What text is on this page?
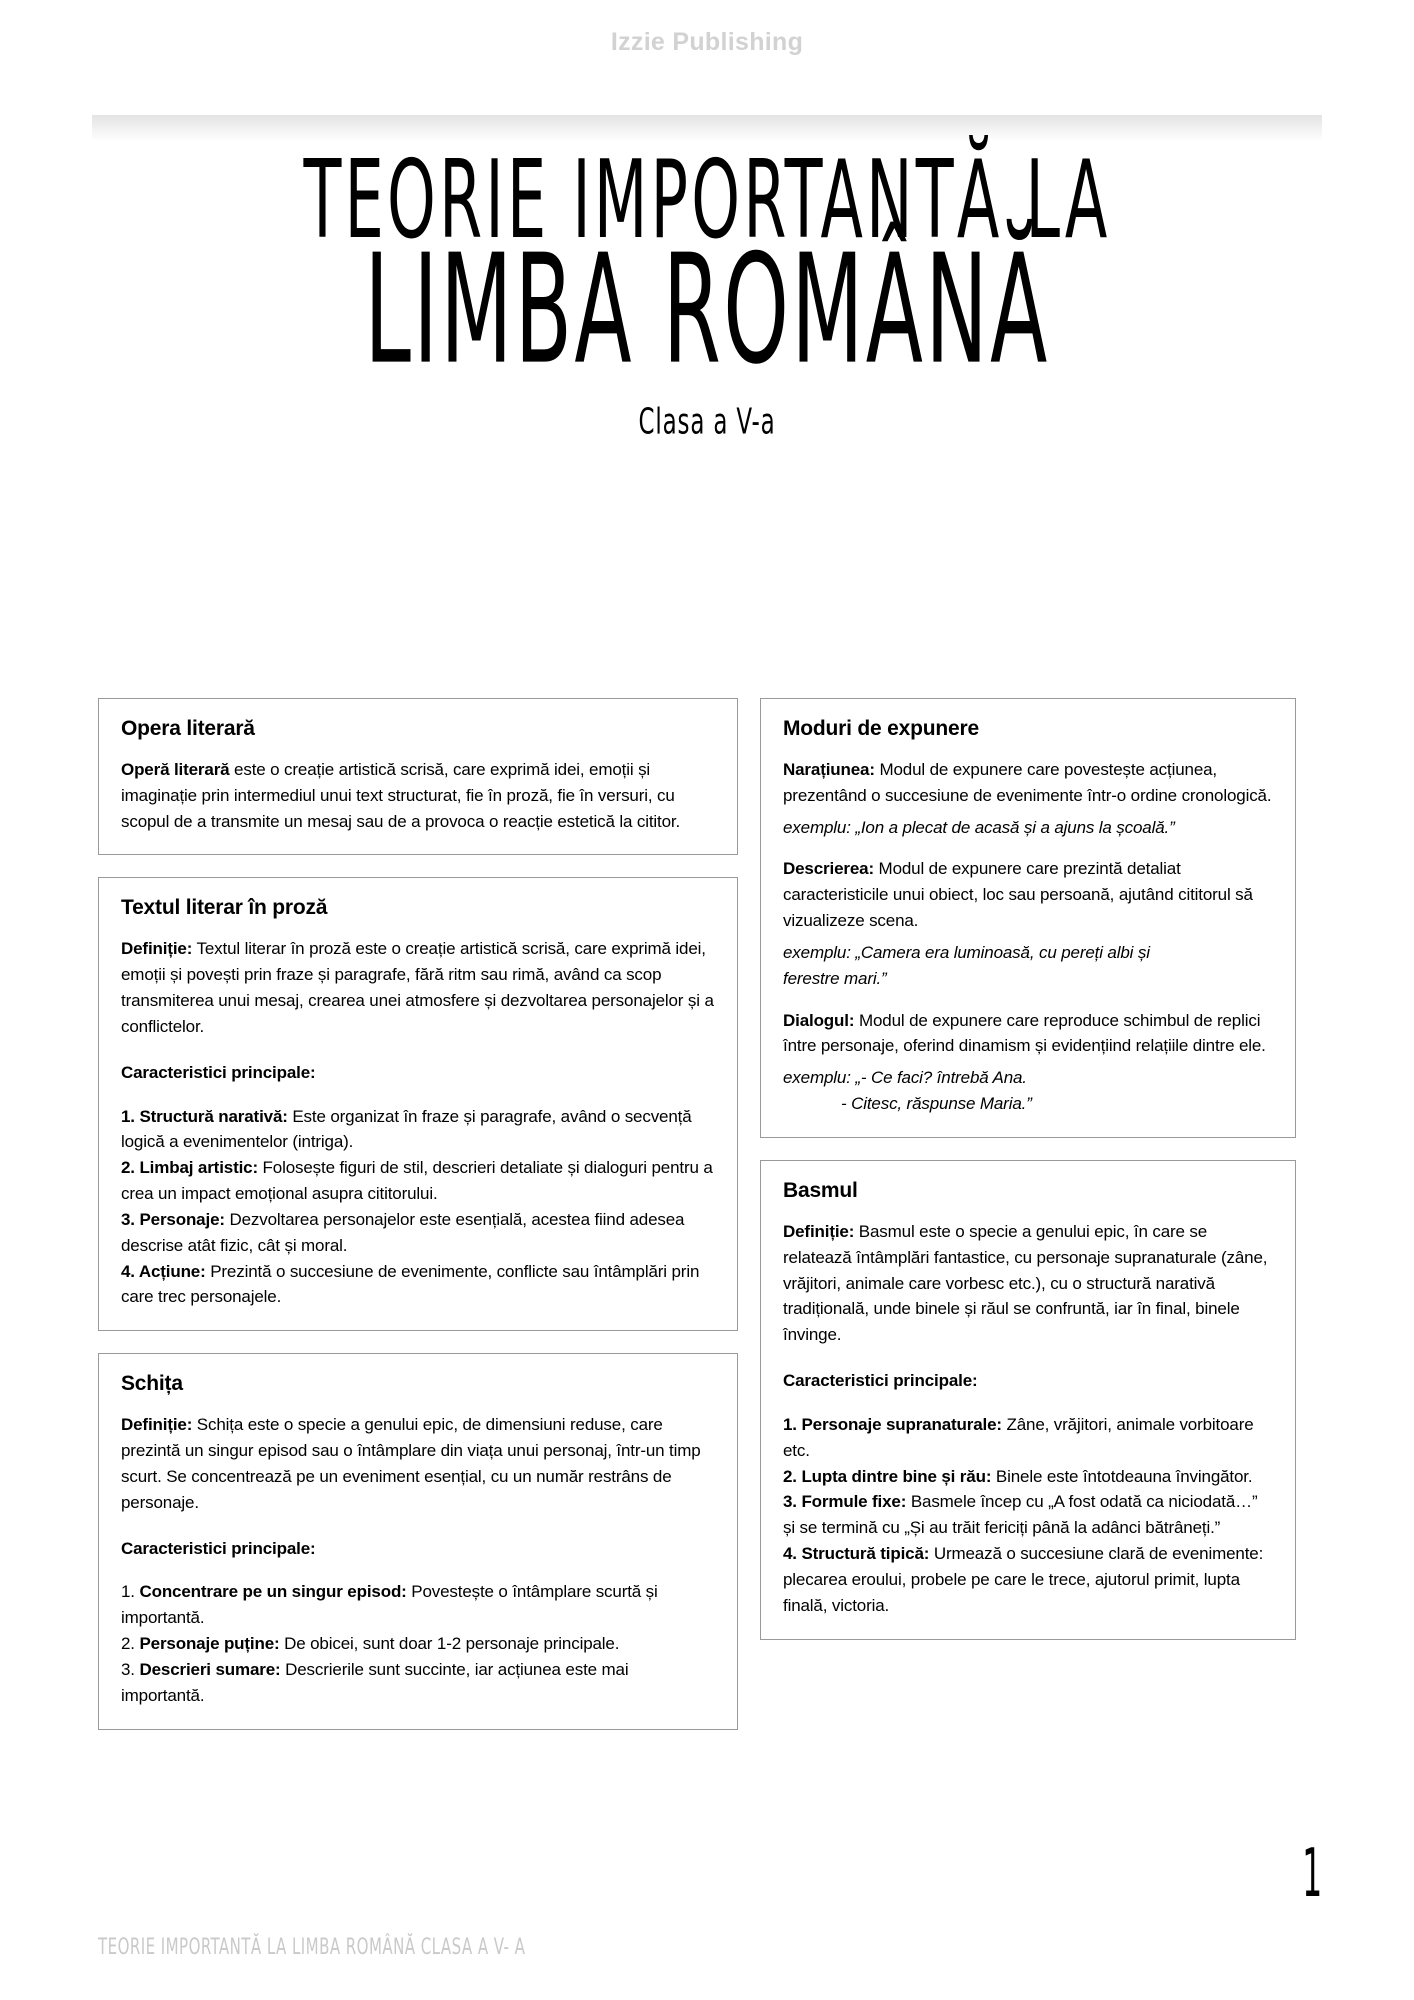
Izzie Publishing
TEORIE IMPORTANTĂ LA
LIMBA ROMÂNĂ
Clasa a V-a
Opera literară

Operă literară este o creație artistică scrisă, care exprimă idei, emoții și imaginație prin intermediul unui text structurat, fie în proză, fie în versuri, cu scopul de a transmite un mesaj sau de a provoca o reacție estetică la cititor.

Textul literar în proză

Definiție: Textul literar în proză este o creație artistică scrisă, care exprimă idei, emoții și povești prin fraze și paragrafe, fără ritm sau rimă, având ca scop transmiterea unui mesaj, crearea unei atmosfere și dezvoltarea personajelor și a conflictelor.

Caracteristici principale:

1. Structură narativă: Este organizat în fraze și paragrafe, având o secvență logică a evenimentelor (intriga).
2. Limbaj artistic: Folosește figuri de stil, descrieri detaliate și dialoguri pentru a crea un impact emoțional asupra cititorului.
3. Personaje: Dezvoltarea personajelor este esențială, acestea fiind adesea descrise atât fizic, cât și moral.
4. Acțiune: Prezintă o succesiune de evenimente, conflicte sau întâmplări prin care trec personajele.

Schița

Definiție: Schița este o specie a genului epic, de dimensiuni reduse, care prezintă un singur episod sau o întâmplare din viața unui personaj, într-un timp scurt. Se concentrează pe un eveniment esențial, cu un număr restrâns de personaje.

Caracteristici principale:

1. Concentrare pe un singur episod: Povestește o întâmplare scurtă și importantă.
2. Personaje puține: De obicei, sunt doar 1-2 personaje principale.
3. Descrieri sumare: Descrierile sunt succinte, iar acțiunea este mai importantă.

Moduri de expunere

Narațiunea: Modul de expunere care povestește acțiunea, prezentând o succesiune de evenimente într-o ordine cronologică.

exemplu: „Ion a plecat de acasă și a ajuns la școală.”

Descrierea: Modul de expunere care prezintă detaliat caracteristicile unui obiect, loc sau persoană, ajutând cititorul să vizualizeze scena.

exemplu: „Camera era luminoasă, cu pereți albi și
ferestre mari.”

Dialogul: Modul de expunere care reproduce schimbul de replici între personaje, oferind dinamism și evidențiind relațiile dintre ele.

exemplu: „- Ce faci? întrebă Ana.
- Citesc, răspunse Maria.”

Basmul

Definiție: Basmul este o specie a genului epic, în care se relatează întâmplări fantastice, cu personaje supranaturale (zâne, vrăjitori, animale care vorbesc etc.), cu o structură narativă tradițională, unde binele și răul se confruntă, iar în final, binele învinge.

Caracteristici principale:

1. Personaje supranaturale: Zâne, vrăjitori, animale vorbitoare etc.
2. Lupta dintre bine și rău: Binele este întotdeauna învingător.
3. Formule fixe: Basmele încep cu „A fost odată ca niciodată…” și se termină cu „Și au trăit fericiți până la adânci bătrâneți.”
4. Structură tipică: Urmează o succesiune clară de evenimente: plecarea eroului, probele pe care le trece, ajutorul primit, lupta finală, victoria.

TEORIE IMPORTANTĂ LA LIMBA ROMÂNĂ CLASA A V- A
1
